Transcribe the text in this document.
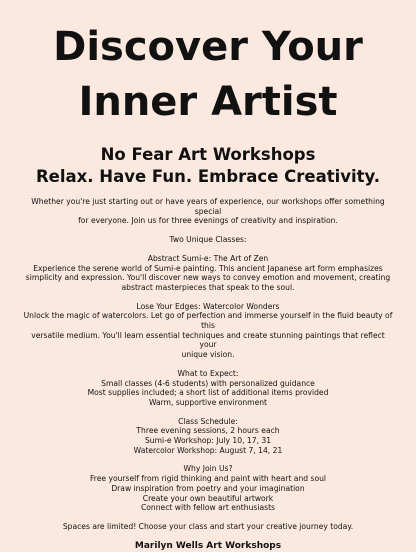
Discover Your
Inner Artist
No Fear Art Workshops
Relax. Have Fun. Embrace Creativity.
Whether you're just starting out or have years of experience, our workshops offer something special
for everyone. Join us for three evenings of creativity and inspiration.
Two Unique Classes:
Abstract Sumi-e: The Art of Zen
Experience the serene world of Sumi-e painting. This ancient Japanese art form emphasizes
simplicity and expression. You'll discover new ways to convey emotion and movement, creating
abstract masterpieces that speak to the soul.
Lose Your Edges: Watercolor Wonders
Unlock the magic of watercolors. Let go of perfection and immerse yourself in the fluid beauty of this
versatile medium. You'll learn essential techniques and create stunning paintings that reflect your
unique vision.
What to Expect:
Small classes (4-6 students) with personalized guidance
Most supplies included; a short list of additional items provided
Warm, supportive environment
Class Schedule:
Three evening sessions, 2 hours each
Sumi-e Workshop: July 10, 17, 31
Watercolor Workshop: August 7, 14, 21
Why Join Us?
Free yourself from rigid thinking and paint with heart and soul
Draw inspiration from poetry and your imagination
Create your own beautiful artwork
Connect with fellow art enthusiasts
Spaces are limited! Choose your class and start your creative journey today.
Marilyn Wells Art Workshops
